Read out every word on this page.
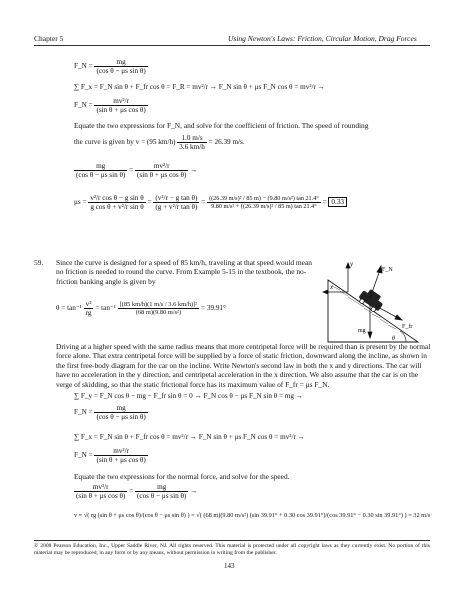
Chapter 5	Using Newton's Laws: Friction, Circular Motion, Drag Forces
F_N = $\frac{mg}{\text{(cos θ − μs sin θ)}}$
∑ F_x = F_N sin θ + F_fr cos θ = F_R = mv²/r → F_N sin θ + μs F_N cos θ = mv²/r →
F_N = $\frac{\text{mv²/r}}{\text{(sin θ + μs cos θ)}}$
Equate the two expressions for F_N, and solve for the coefficient of friction. The speed of rounding
the curve is given by v = (95 $km/h) \frac{1.0 m/s}{3.6 km/h} = 26.39$ m/s.
$\frac{mg}{\text{(cos θ − μs sin θ)}} = \frac{\text{mv²/r}}{\text{(sin θ + μs cos θ)}}$ →
$\mu s = \frac{\text{v²/r cos θ − g sin θ}}{\text{g cos θ + v²/r sin θ}} = \frac{\text{(v²/r − g tan θ)}}{\text{(g + v²/r tan θ)}} = \frac{\text{((26.39 m/s)² / 85 m) − (9.80 m/s²) tan 21.4°}}{\text{9.80 m/s² + ((26.39 m/s)² / 85 m) tan 21.4°}} = 0.33$
59. Since the curve is designed for a speed of 85 km/h, traveling at that speed would mean no friction is needed to round the curve. From Example 5-15 in the textbook, the no-friction banking angle is given by
$\theta = \tan^{-1} \frac{\text{v²}}{rg} = \tan^{-1} \frac{\text{[(85 km/h)(1 m/s / 3.6 km/h)]²}}{\text{(68 m)(9.80 m/s²)}} = 39.91^\circ$
y
x
F_N
mg
F_fr
θ
Driving at a higher speed with the same radius means that more centripetal force will be required than is present by the normal force alone. That extra centripetal force will be supplied by a force of static friction, downward along the incline, as shown in the first free-body diagram for the car on the incline. Write Newton's second law in both the x and y directions. The car will have no acceleration in the y direction, and centripetal acceleration in the x direction. We also assume that the car is on the verge of skidding, so that the static frictional force has its maximum value of F_fr = μs F_N.
∑ F_y = F_N cos θ − mg − F_fr sin θ = 0 → F_N cos θ − μs F_N sin θ = mg →
F_N = $\frac{mg}{\text{(cos θ − μs sin θ)}}$
∑ F_x = F_N sin θ + F_fr cos θ = mv²/r → F_N sin θ + μs F_N cos θ = mv²/r →
F_N = $\frac{\text{mv²/r}}{\text{(sin θ + μs cos θ)}}$
Equate the two expressions for the normal force, and solve for the speed.
$\frac{\text{mv²/r}}{\text{(sin θ + μs cos θ)}} = \frac{mg}{\text{(cos θ − μs sin θ)}}$ →
v = √( rg (sin θ + μs cos θ)/(cos θ − μs sin θ) ) = √( (68 m)(9.80 m/s²) (sin 39.91° + 0.30 cos 39.91°)/(cos 39.91° − 0.30 sin 39.91°) ) = 32 m/s
© 2008 Pearson Education, Inc., Upper Saddle River, NJ. All rights reserved. This material is protected under all copyright laws as they currently exist. No portion of this material may be reproduced, in any form or by any means, without permission in writing from the publisher.
143
